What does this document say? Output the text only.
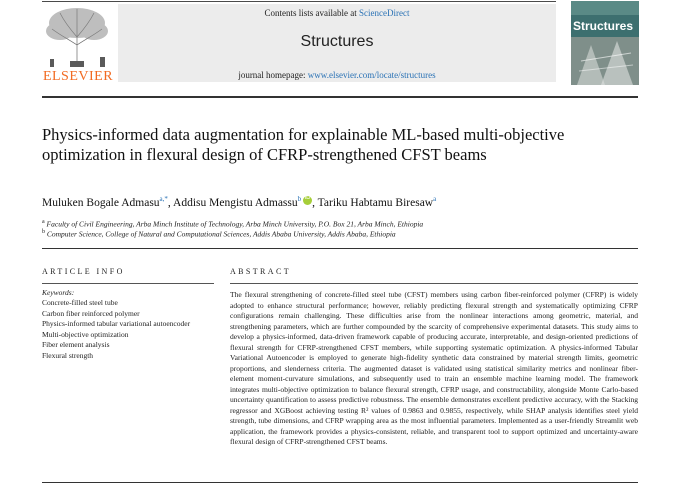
ELSEVIER
Contents lists available at ScienceDirect
Structures
journal homepage: www.elsevier.com/locate/structures
Structures
Physics-informed data augmentation for explainable ML-based multi-objective optimization in flexural design of CFRP-strengthened CFST beams
Muluken Bogale Admasu$^{a,*}$, Addisu Mengistu Admassu$^b$ iD , Tariku Habtamu Biresaw$^a$
$^a$ Faculty of Civil Engineering, Arba Minch Institute of Technology, Arba Minch University, P.O. Box 21, Arba Minch, Ethiopia
$^b$ Computer Science, College of Natural and Computational Sciences, Addis Ababa University, Addis Ababa, Ethiopia
ARTICLE INFO
Keywords:
Concrete-filled steel tube
Carbon fiber reinforced polymer
Physics-informed tabular variational autoencoder
Multi-objective optimization
Fiber element analysis
Flexural strength
ABSTRACT
The flexural strengthening of concrete-filled steel tube (CFST) members using carbon fiber-reinforced polymer (CFRP) is widely adopted to enhance structural performance; however, reliably predicting flexural strength and systematically optimizing CFRP configurations remain challenging. These difficulties arise from the nonlinear interactions among geometric, material, and strengthening parameters, which are further compounded by the scarcity of comprehensive experimental datasets. This study aims to develop a physics-informed, data-driven framework capable of producing accurate, interpretable, and design-oriented predictions of flexural strength for CFRP-strengthened CFST members, while supporting systematic optimization. A physics-informed Tabular Variational Autoencoder is employed to generate high-fidelity synthetic data constrained by material strength limits, geometric proportions, and slenderness criteria. The augmented dataset is validated using statistical similarity metrics and nonlinear fiber-element moment-curvature simulations, and subsequently used to train an ensemble machine learning model. The framework integrates multi-objective optimization to balance flexural strength, CFRP usage, and constructability, alongside Monte Carlo-based uncertainty quantification to assess predictive robustness. The ensemble demonstrates excellent predictive accuracy, with the Stacking regressor and XGBoost achieving testing R² values of 0.9863 and 0.9855, respectively, while SHAP analysis identifies steel yield strength, tube dimensions, and CFRP wrapping area as the most influential parameters. Implemented as a user-friendly Streamlit web application, the framework provides a physics-consistent, reliable, and transparent tool to support optimized and uncertainty-aware flexural design of CFRP-strengthened CFST beams.
